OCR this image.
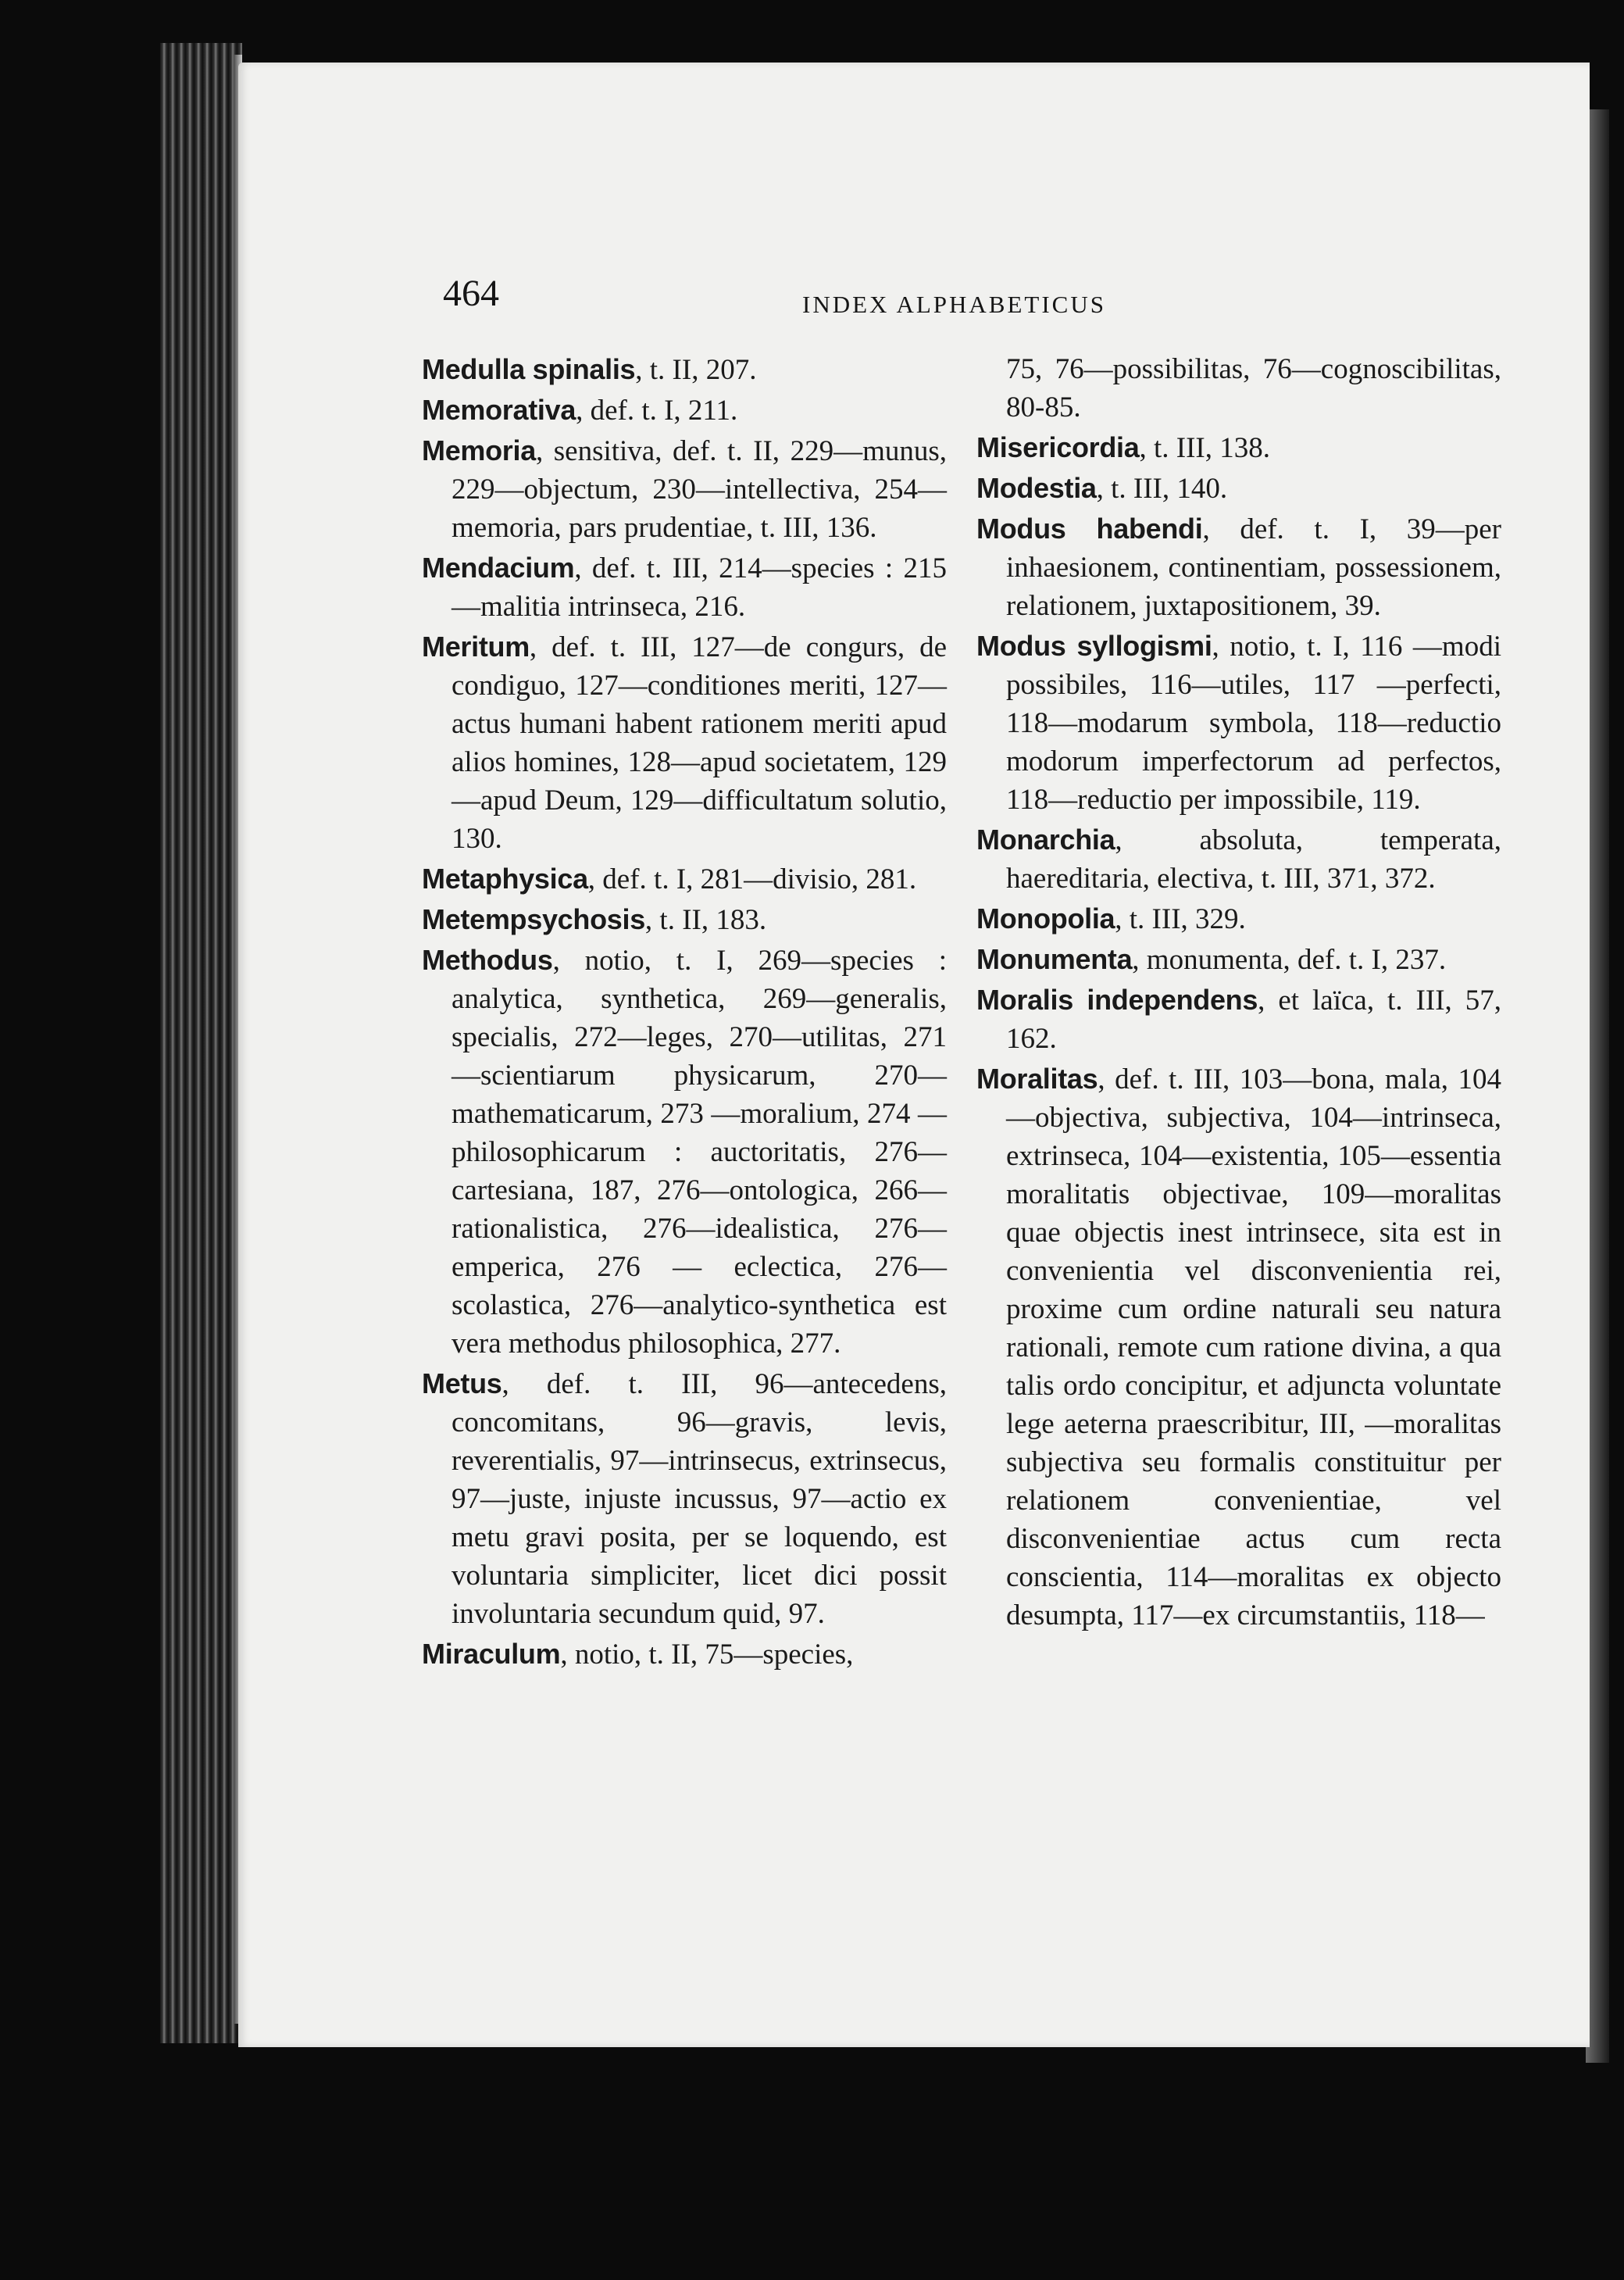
464	INDEX ALPHABETICUS

Medulla spinalis, t. II, 207.

Memorativa, def. t. I, 211.

Memoria, sensitiva, def. t. II, 229—munus, 229—objectum, 230—intellectiva, 254— memoria, pars prudentiae, t. III, 136.

Mendacium, def. t. III, 214—species : 215—malitia intrinseca, 216.

Meritum, def. t. III, 127—de congurs, de condiguo, 127—conditiones meriti, 127—actus humani habent rationem meriti apud alios homines, 128—apud societatem, 129—apud Deum, 129—difficultatum solutio, 130.

Metaphysica, def. t. I, 281—divisio, 281.

Metempsychosis, t. II, 183.

Methodus, notio, t. I, 269—species : analytica, synthetica, 269—generalis, specialis, 272—leges, 270—utilitas, 271—scientiarum physicarum, 270—mathematicarum, 273 —moralium, 274 — philosophicarum : auctoritatis, 276—cartesiana, 187, 276—ontologica, 266—rationalistica, 276—idealistica, 276—emperica, 276 — eclectica, 276—scolastica, 276—analytico-synthetica est vera methodus philosophica, 277.

Metus, def. t. III, 96—antecedens, concomitans, 96—gravis, levis, reverentialis, 97—intrinsecus, extrinsecus, 97—juste, injuste incussus, 97—actio ex metu gravi posita, per se loquendo, est voluntaria simpliciter, licet dici possit involuntaria secundum quid, 97.

Miraculum, notio, t. II, 75—species,

75, 76—possibilitas, 76—cognoscibilitas, 80-85.

Misericordia, t. III, 138.

Modestia, t. III, 140.

Modus habendi, def. t. I, 39—per inhaesionem, continentiam, possessionem, relationem, juxtapositionem, 39.

Modus syllogismi, notio, t. I, 116 —modi possibiles, 116—utiles, 117 —perfecti, 118—modarum symbola, 118—reductio modorum imperfectorum ad perfectos, 118—reductio per impossibile, 119.

Monarchia, absoluta, temperata, haereditaria, electiva, t. III, 371, 372.

Monopolia, t. III, 329.

Monumenta, monumenta, def. t. I, 237.

Moralis independens, et laïca, t. III, 57, 162.

Moralitas, def. t. III, 103—bona, mala, 104—objectiva, subjectiva, 104—intrinseca, extrinseca, 104—existentia, 105—essentia moralitatis objectivae, 109—moralitas quae objectis inest intrinsece, sita est in convenientia vel disconvenientia rei, proxime cum ordine naturali seu natura rationali, remote cum ratione divina, a qua talis ordo concipitur, et adjuncta voluntate lege aeterna praescribitur, III, —moralitas subjectiva seu formalis constituitur per relationem convenientiae, vel disconvenientiae actus cum recta conscientia, 114—moralitas ex objecto desumpta, 117—ex circumstantiis, 118—
